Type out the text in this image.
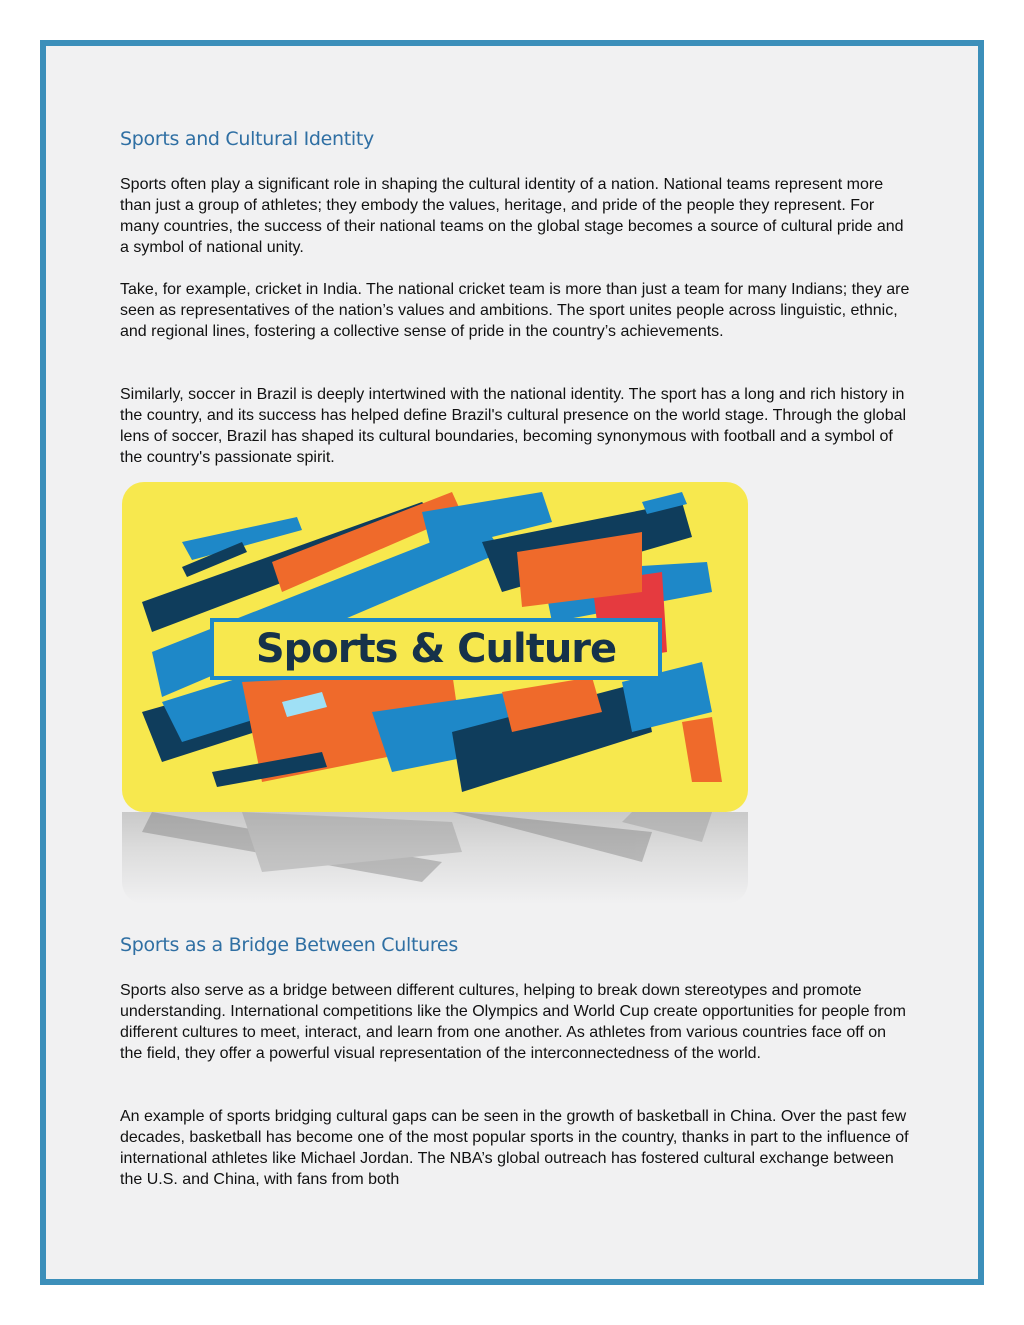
Sports and Cultural Identity

Sports often play a significant role in shaping the cultural identity of a nation. National teams represent more than just a group of athletes; they embody the values, heritage, and pride of the people they represent. For many countries, the success of their national teams on the global stage becomes a source of cultural pride and a symbol of national unity.

Take, for example, cricket in India. The national cricket team is more than just a team for many Indians; they are seen as representatives of the nation’s values and ambitions. The sport unites people across linguistic, ethnic, and regional lines, fostering a collective sense of pride in the country’s achievements.

Similarly, soccer in Brazil is deeply intertwined with the national identity. The sport has a long and rich history in the country, and its success has helped define Brazil's cultural presence on the world stage. Through the global lens of soccer, Brazil has shaped its cultural boundaries, becoming synonymous with football and a symbol of the country's passionate spirit.

Sports as a Bridge Between Cultures

Sports also serve as a bridge between different cultures, helping to break down stereotypes and promote understanding. International competitions like the Olympics and World Cup create opportunities for people from different cultures to meet, interact, and learn from one another. As athletes from various countries face off on the field, they offer a powerful visual representation of the interconnectedness of the world.

An example of sports bridging cultural gaps can be seen in the growth of basketball in China. Over the past few decades, basketball has become one of the most popular sports in the country, thanks in part to the influence of international athletes like Michael Jordan. The NBA’s global outreach has fostered cultural exchange between the U.S. and China, with fans from both

Sports & Culture
